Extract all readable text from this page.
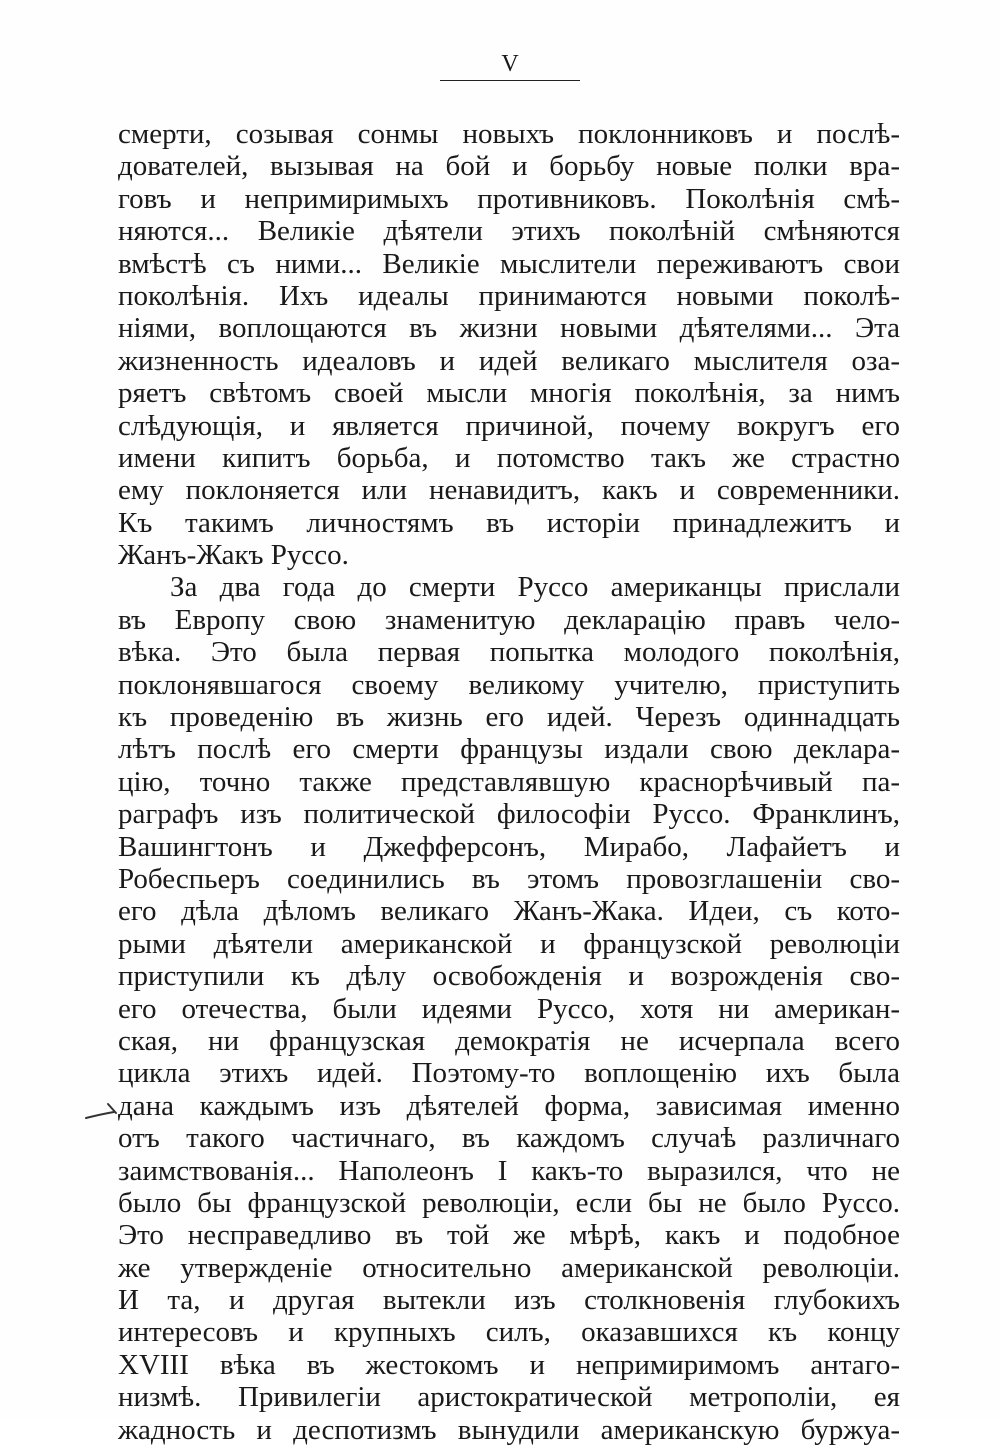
V
смерти, созывая сонмы новыхъ поклонниковъ и послѣ-
дователей, вызывая на бой и борьбу новые полки вра-
говъ и непримиримыхъ противниковъ. Поколѣнія смѣ-
няются... Великіе дѣятели этихъ поколѣній смѣняются
вмѣстѣ съ ними... Великіе мыслители переживаютъ свои
поколѣнія. Ихъ идеалы принимаются новыми поколѣ-
ніями, воплощаются въ жизни новыми дѣятелями... Эта
жизненность идеаловъ и идей великаго мыслителя оза-
ряетъ свѣтомъ своей мысли многія поколѣнія, за нимъ
слѣдующія, и является причиной, почему вокругъ его
имени кипитъ борьба, и потомство такъ же страстно
ему поклоняется или ненавидитъ, какъ и современники.
Къ такимъ личностямъ въ исторіи принадлежитъ и
Жанъ-Жакъ Руссо.
За два года до смерти Руссо американцы прислали
въ Европу свою знаменитую декларацію правъ чело-
вѣка. Это была первая попытка молодого поколѣнія,
поклонявшагося своему великому учителю, приступить
къ проведенію въ жизнь его идей. Черезъ одиннадцать
лѣтъ послѣ его смерти французы издали свою деклара-
цію, точно также представлявшую краснорѣчивый па-
раграфъ изъ политической философіи Руссо. Франклинъ,
Вашингтонъ и Джефферсонъ, Мирабо, Лафайетъ и
Робеспьеръ соединились въ этомъ провозглашеніи сво-
его дѣла дѣломъ великаго Жанъ-Жака. Идеи, съ кото-
рыми дѣятели американской и французской революціи
приступили къ дѣлу освобожденія и возрожденія сво-
его отечества, были идеями Руссо, хотя ни американ-
ская, ни французская демократія не исчерпала всего
цикла этихъ идей. Поэтому-то воплощенію ихъ была
дана каждымъ изъ дѣятелей форма, зависимая именно
отъ такого частичнаго, въ каждомъ случаѣ различнаго
заимствованія... Наполеонъ I какъ-то выразился, что не
было бы французской революціи, если бы не было Руссо.
Это несправедливо въ той же мѣрѣ, какъ и подобное
же утвержденіе относительно американской революціи.
И та, и другая вытекли изъ столкновенія глубокихъ
интересовъ и крупныхъ силъ, оказавшихся къ концу
XVIII вѣка въ жестокомъ и непримиримомъ антаго-
низмѣ. Привилегіи аристократической метрополіи, ея
жадность и деспотизмъ вынудили американскую буржуа-
